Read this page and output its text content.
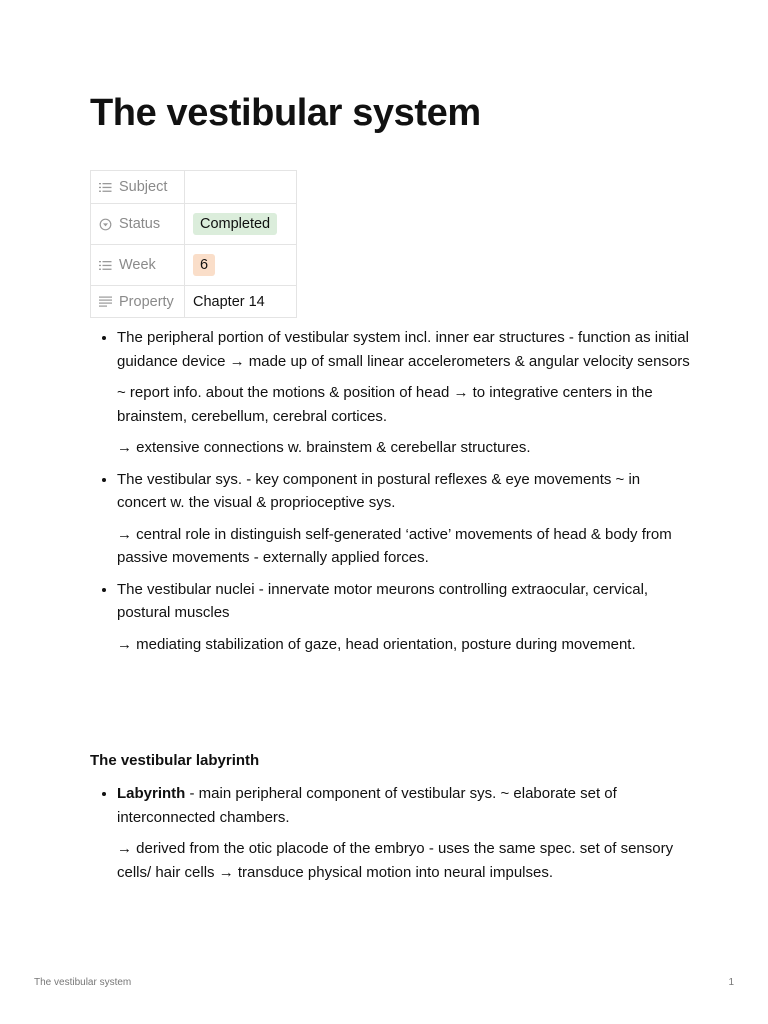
The vestibular system
Subject	

Status	Completed

Week	6

Property	Chapter 14
• The peripheral portion of vestibular system incl. inner ear structures - function as initial guidance device → made up of small linear accelerometers & angular velocity sensors

~ report info. about the motions & position of head → to integrative centers in the brainstem, cerebellum, cerebral cortices.

→ extensive connections w. brainstem & cerebellar structures.

• The vestibular sys. - key component in postural reflexes & eye movements ~ in concert w. the visual & proprioceptive sys.

→ central role in distinguish self-generated ‘active’ movements of head & body from passive movements - externally applied forces.

• The vestibular nuclei - innervate motor meurons controlling extraocular, cervical, postural muscles

→ mediating stabilization of gaze, head orientation, posture during movement.

The vestibular labyrinth
• Labyrinth - main peripheral component of vestibular sys. ~ elaborate set of interconnected chambers.

→ derived from the otic placode of the embryo - uses the same spec. set of sensory cells/ hair cells → transduce physical motion into neural impulses.

The vestibular system	1
